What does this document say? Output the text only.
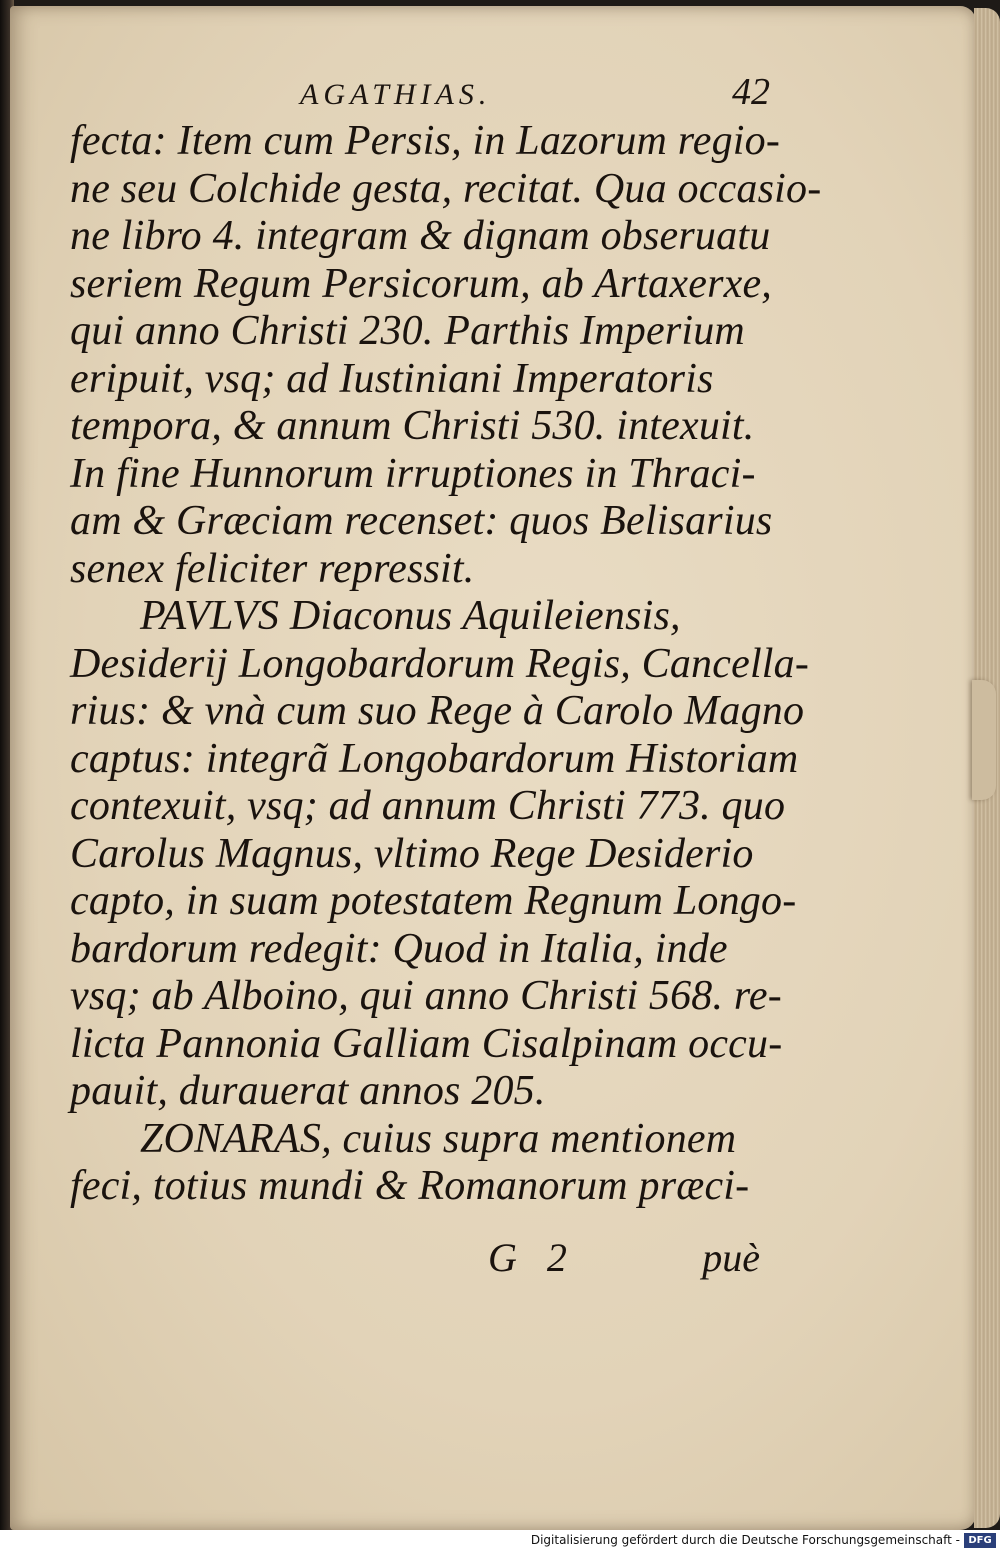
AGATHIAS.	42
fecta: Item cum Persis, in Lazorum regio-
ne seu Colchide gesta, recitat. Qua occasio-
ne libro 4. integram & dignam obseruatu
seriem Regum Persicorum, ab Artaxerxe,
qui anno Christi 230. Parthis Imperium
eripuit, vsq; ad Iustiniani Imperatoris
tempora, & annum Christi 530. intexuit.
In fine Hunnorum irruptiones in Thraci-
am & Græciam recenset: quos Belisarius
senex feliciter repressit.
PAVLVS Diaconus Aquileiensis,
Desiderij Longobardorum Regis, Cancella-
rius: & vnà cum suo Rege à Carolo Magno
captus: integrã Longobardorum Historiam
contexuit, vsq; ad annum Christi 773. quo
Carolus Magnus, vltimo Rege Desiderio
capto, in suam potestatem Regnum Longo-
bardorum redegit: Quod in Italia, inde
vsq; ab Alboino, qui anno Christi 568. re-
licta Pannonia Galliam Cisalpinam occu-
pauit, durauerat annos 205.
ZONARAS, cuius supra mentionem
feci, totius mundi & Romanorum præci-
G 2	puè
Digitalisierung gefördert durch die Deutsche Forschungsgemeinschaft - DFG
